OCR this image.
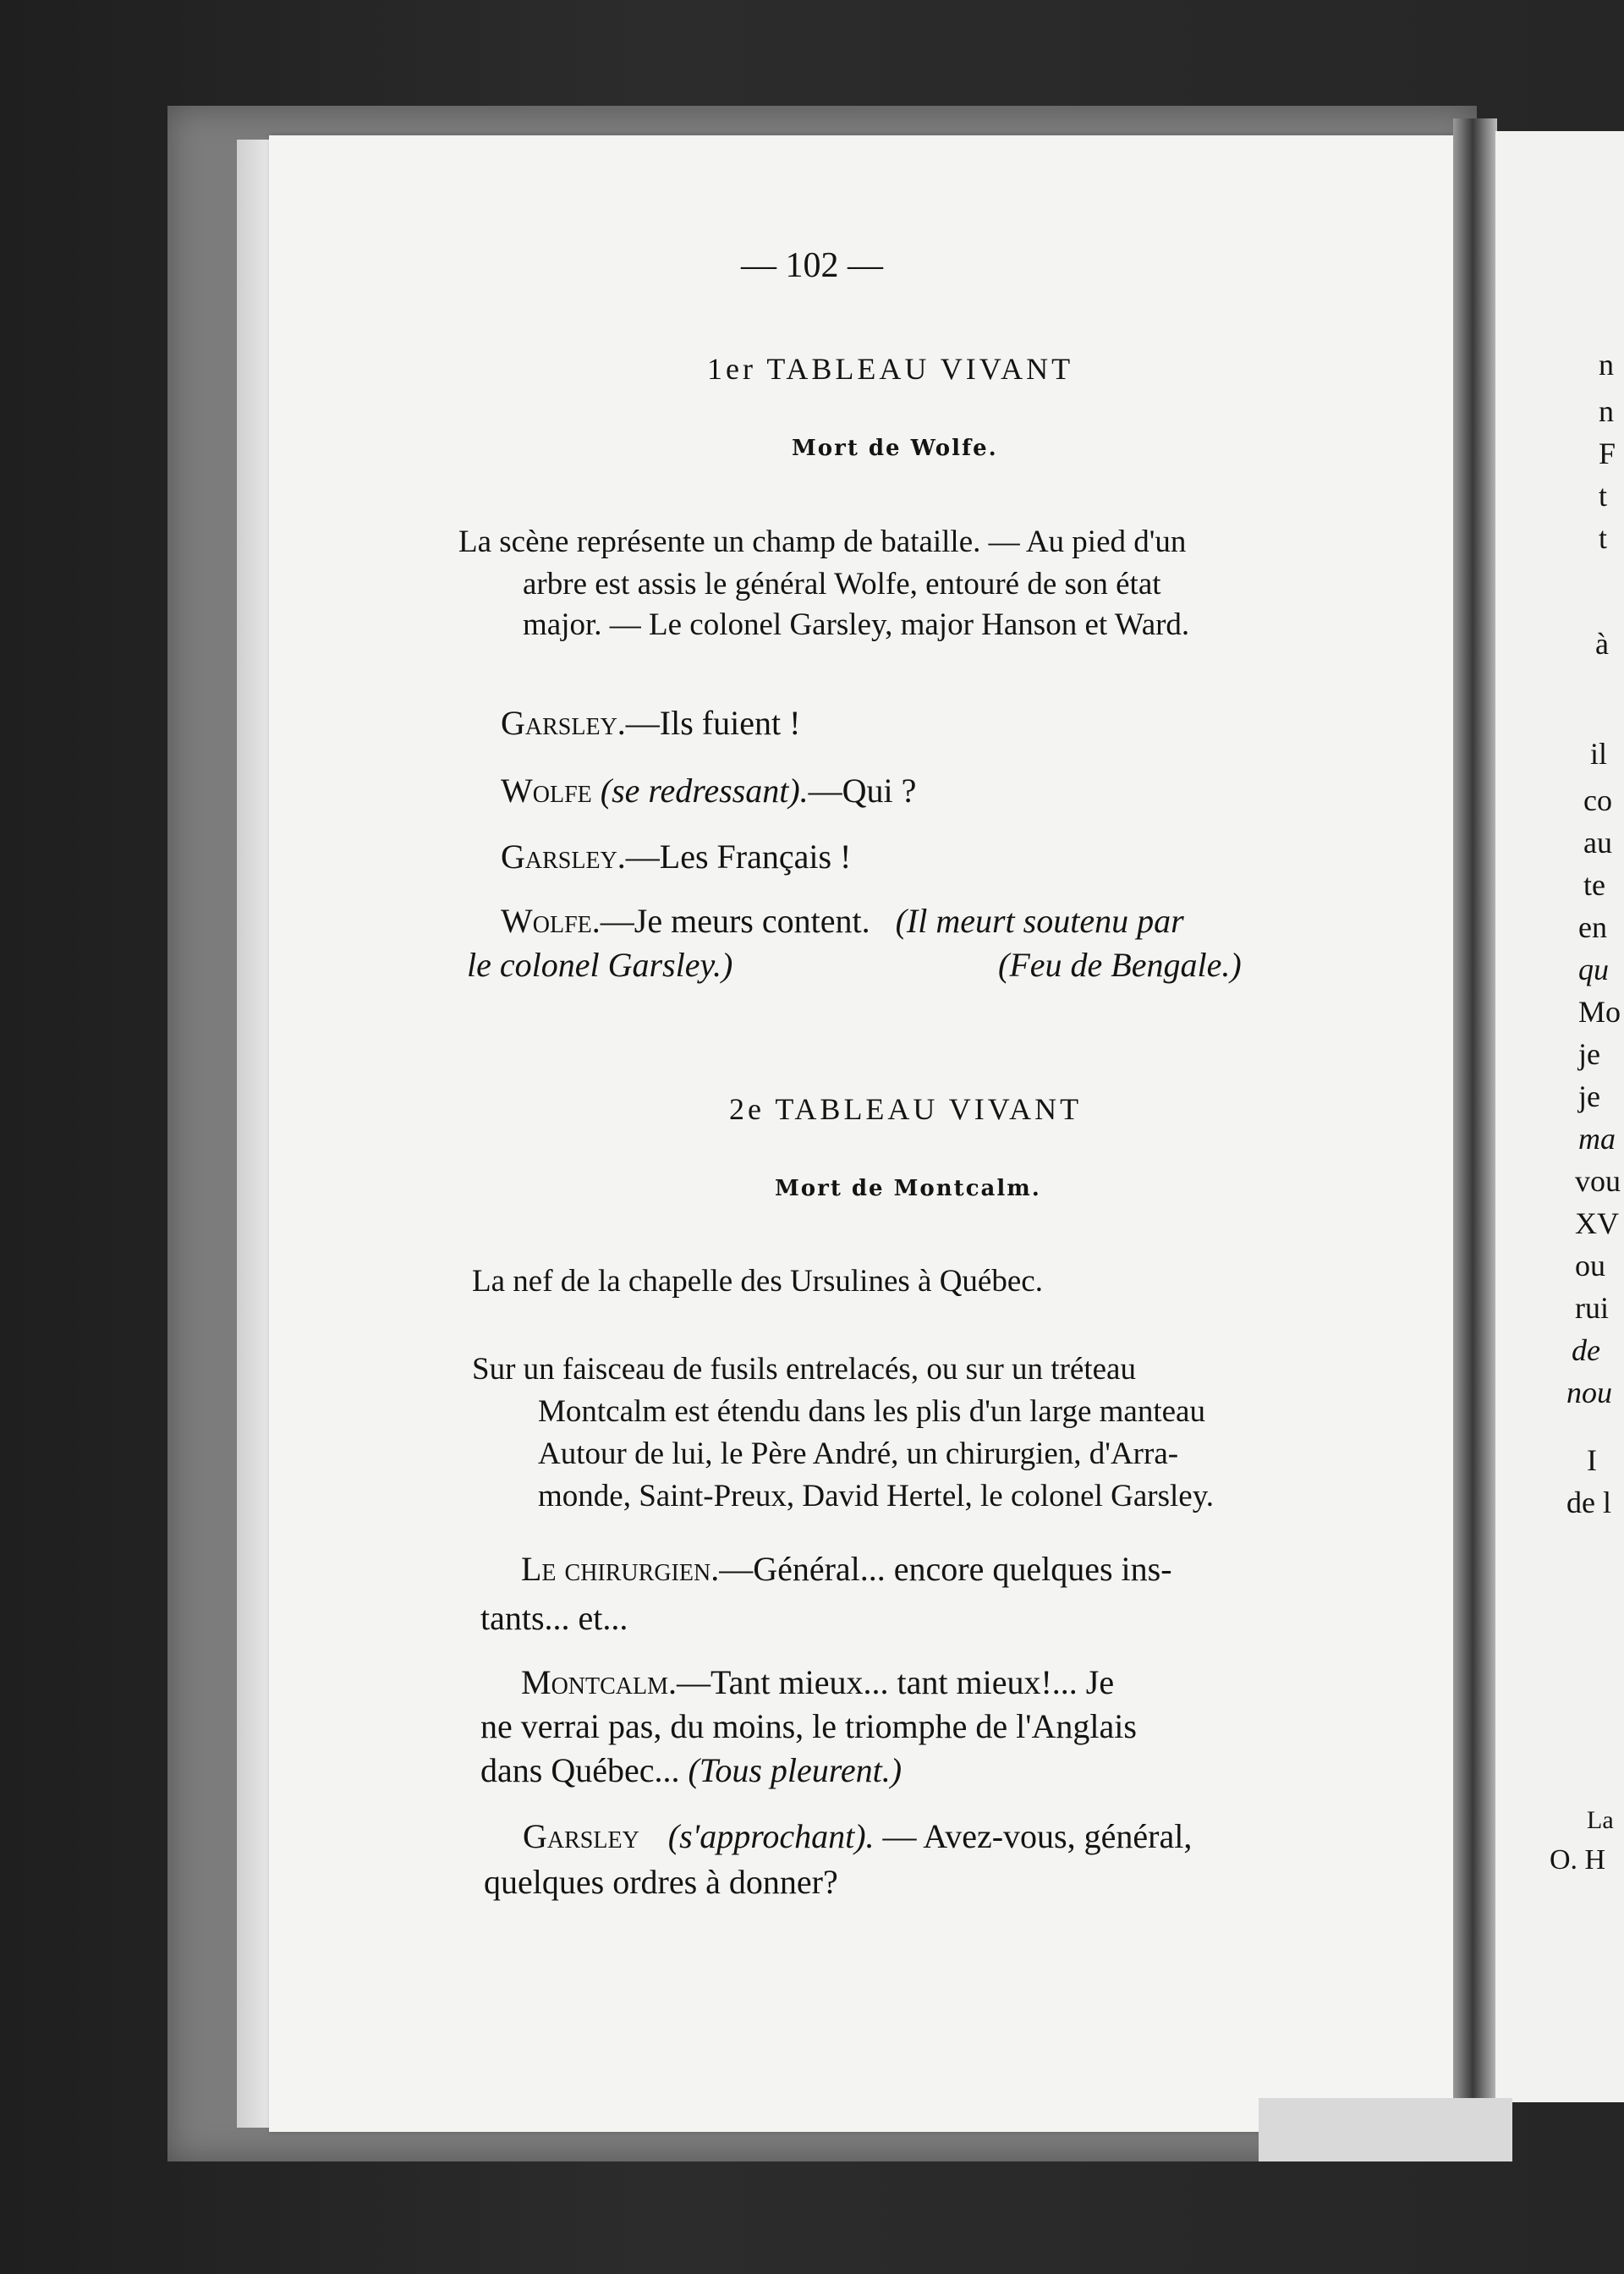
— 102 —
1er TABLEAU VIVANT
Mort de Wolfe.
La scène représente un champ de bataille. — Au pied d'un
arbre est assis le général Wolfe, entouré de son état
major. — Le colonel Garsley, major Hanson et Ward.
Garsley.—Ils fuient !
Wolfe (se redressant).—Qui ?
Garsley.—Les Français !
Wolfe.—Je meurs content. (Il meurt soutenu par
le colonel Garsley.)	(Feu de Bengale.)
2e TABLEAU VIVANT
Mort de Montcalm.
La nef de la chapelle des Ursulines à Québec.
Sur un faisceau de fusils entrelacés, ou sur un tréteau
Montcalm est étendu dans les plis d'un large manteau
Autour de lui, le Père André, un chirurgien, d'Arra-
monde, Saint-Preux, David Hertel, le colonel Garsley.
Le chirurgien.—Général... encore quelques ins-
tants... et...
Montcalm.—Tant mieux... tant mieux!... Je
ne verrai pas, du moins, le triomphe de l'Anglais
dans Québec... (Tous pleurent.)
Garsley (s'approchant). — Avez-vous, général,
quelques ordres à donner?
n
n
F
t
t
à
il
co
au
te
en
qu
Mo
je
je
ma
vou
XV
ou
rui
de
nou
I
de l
La
O. H
